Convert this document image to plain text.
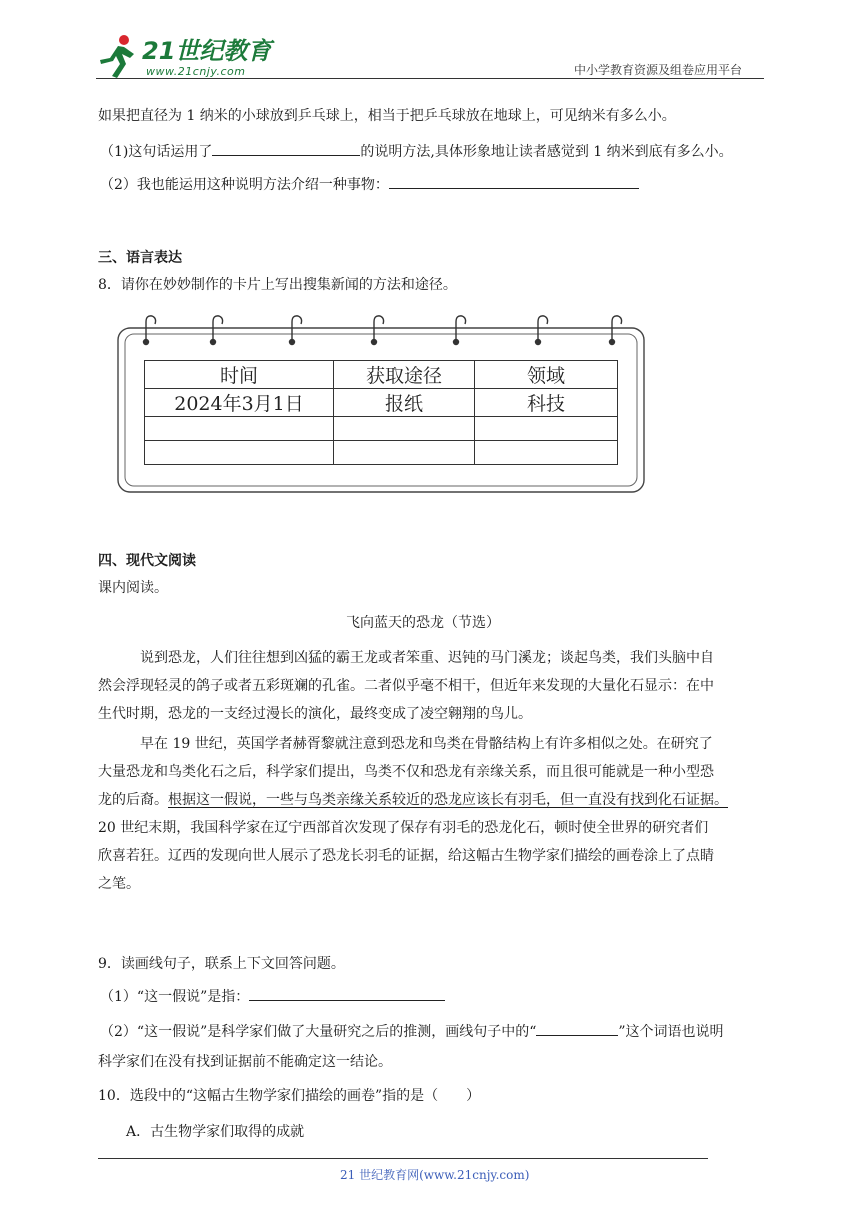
21世纪教育
www.21cnjy.com	中小学教育资源及组卷应用平台
如果把直径为 1 纳米的小球放到乒乓球上，相当于把乒乓球放在地球上，可见纳米有多么小。
（1)这句话运用了	的说明方法,具体形象地让读者感觉到 1 纳米到底有多么小。
（2）我也能运用这种说明方法介绍一种事物：
三、语言表达
8．请你在妙妙制作的卡片上写出搜集新闻的方法和途径。
时间	获取途径	领域
2024年3月1日	报纸	科技

四、现代文阅读
课内阅读。
飞向蓝天的恐龙（节选）
说到恐龙，人们往往想到凶猛的霸王龙或者笨重、迟钝的马门溪龙；谈起鸟类，我们头脑中自
然会浮现轻灵的鸽子或者五彩斑斓的孔雀。二者似乎毫不相干，但近年来发现的大量化石显示：在中
生代时期，恐龙的一支经过漫长的演化，最终变成了凌空翱翔的鸟儿。
早在 19 世纪，英国学者赫胥黎就注意到恐龙和鸟类在骨骼结构上有许多相似之处。在研究了
大量恐龙和鸟类化石之后，科学家们提出，鸟类不仅和恐龙有亲缘关系，而且很可能就是一种小型恐
龙的后裔。根据这一假说，一些与鸟类亲缘关系较近的恐龙应该长有羽毛，但一直没有找到化石证据。
20 世纪末期，我国科学家在辽宁西部首次发现了保存有羽毛的恐龙化石，顿时使全世界的研究者们
欣喜若狂。辽西的发现向世人展示了恐龙长羽毛的证据，给这幅古生物学家们描绘的画卷涂上了点睛
之笔。
9．读画线句子，联系上下文回答问题。
（1）“这一假说”是指：
（2）“这一假说”是科学家们做了大量研究之后的推测，画线句子中的“	”这个词语也说明
科学家们在没有找到证据前不能确定这一结论。
10．选段中的“这幅古生物学家们描绘的画卷”指的是（　　）
A．古生物学家们取得的成就
21 世纪教育网(www.21cnjy.com)
